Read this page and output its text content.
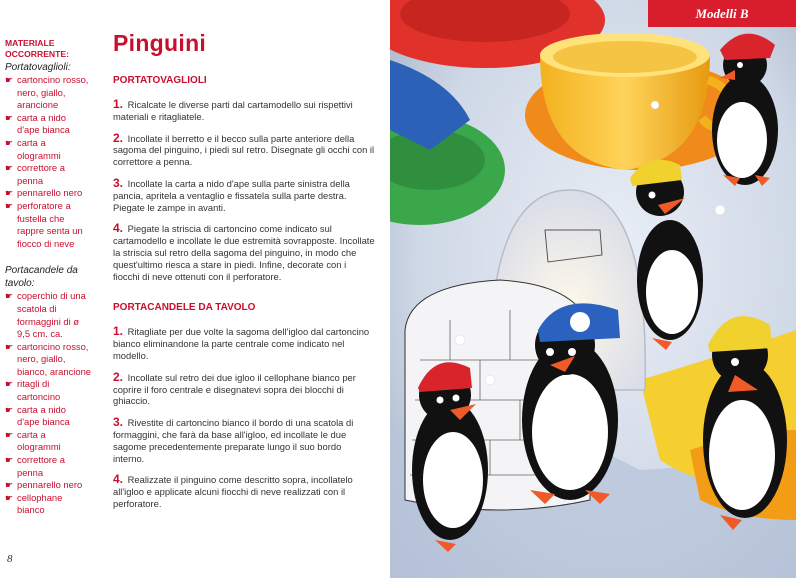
MATERIALE OCCORRENTE:
Portatovaglioli:
☛ cartoncino rosso, nero, giallo, arancione
☛ carta a nido d'ape bianca
☛ carta a ologrammi
☛ correttore a penna
☛ pennarello nero
☛ perforatore a fustella che rappre senta un fiocco di neve
Portacandele da tavolo:
☛ coperchio di una scatola di formaggini di ø 9,5 cm. ca.
☛ cartoncino rosso, nero, giallo, bianco, arancione
☛ ritagli di cartoncino
☛ carta a nido d'ape bianca
☛ carta a ologrammi
☛ correttore a penna
☛ pennarello nero
☛ cellophane bianco
Pinguini
PORTATOVAGLIOLI

1. Ricalcate le diverse parti dal cartamodello sui rispettivi materiali e ritagliatele.

2. Incollate il berretto e il becco sulla parte anteriore della sagoma del pinguino, i piedi sul retro. Disegnate gli occhi con il correttore a penna.

3. Incollate la carta a nido d'ape sulla parte sinistra della pancia, apritela a ventaglio e fissatela sulla parte destra. Piegate le zampe in avanti.

4. Piegate la striscia di cartoncino come indicato sul cartamodello e incollate le due estremità sovrapposte. Incollate la striscia sul retro della sagoma del pinguino, in modo che quest'ultimo riesca a stare in piedi. Infine, decorate con i fiocchi di neve ottenuti con il perforatore.

PORTACANDELE DA TAVOLO

1. Ritagliate per due volte la sagoma dell'igloo dal cartoncino bianco eliminandone la parte centrale come indicato nel modello.

2. Incollate sul retro dei due igloo il cellophane bianco per coprire il foro centrale e disegnatevi sopra dei blocchi di ghiaccio.

3. Rivestite di cartoncino bianco il bordo di una scatola di formaggini, che farà da base all'igloo, ed incollate le due sagome precedentemente preparate lungo il suo bordo interno.

4. Realizzate il pinguino come descritto sopra, incollatelo all'igloo e applicate alcuni fiocchi di neve realizzati con il perforatore.

8
Modelli B
